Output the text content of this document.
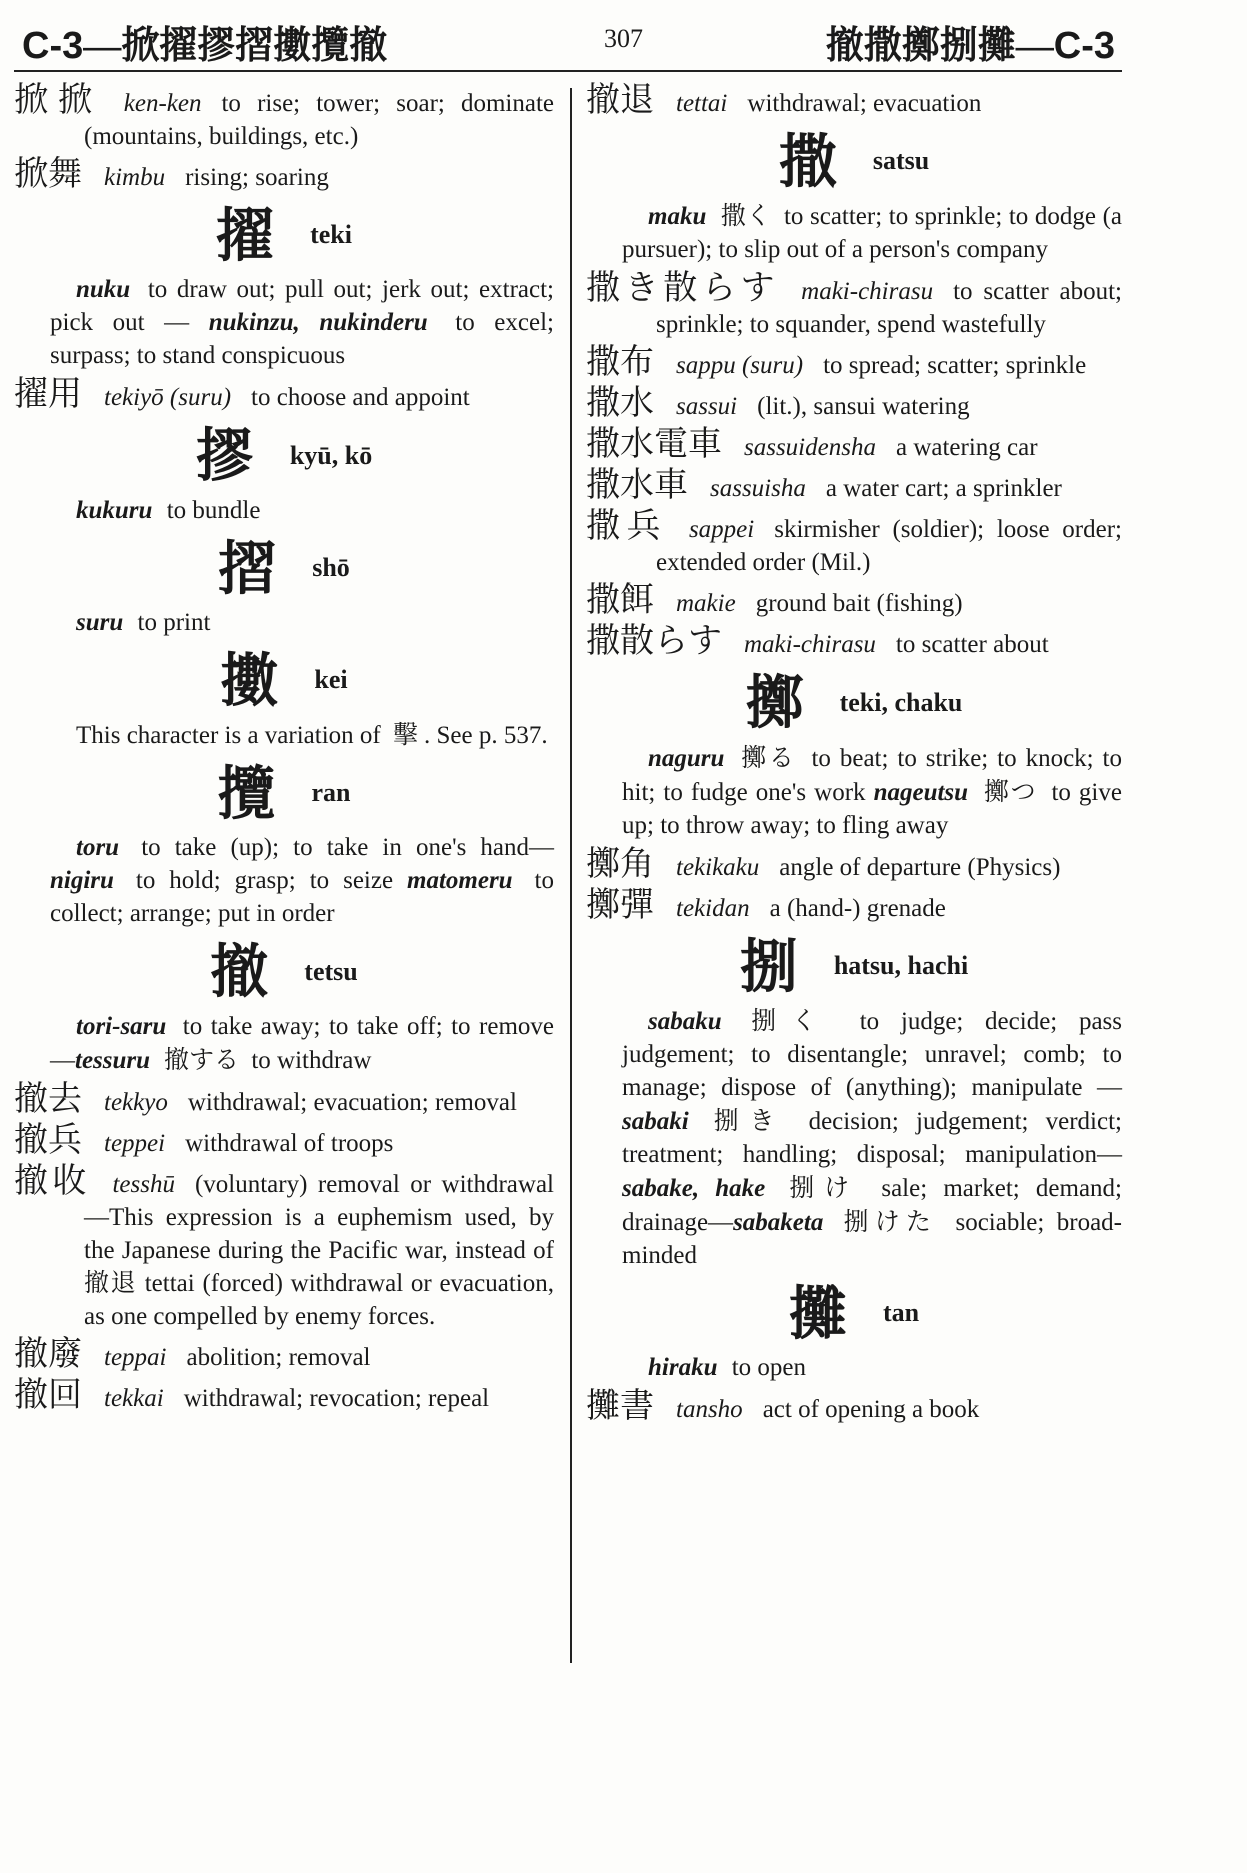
C-3—掀擢摎摺擻攬撤	307	撤撒擲捌攤—C-3
掀掀 ken-ken to rise; tower; soar; dominate (mountains, buildings, etc.)
掀舞 kimbu rising; soaring
擢 teki
nuku to draw out; pull out; jerk out; extract; pick out — nukinzu, nukinderu to excel; surpass; to stand conspicuous
擢用 tekiyō (suru) to choose and appoint
摎 kyū, kō
kukuru to bundle
摺 shō
suru to print
擻 kei
This character is a variation of 擊 . See p. 537.
攬 ran
toru to take (up); to take in one's hand—nigiru to hold; grasp; to seize matomeru to collect; arrange; put in order
撤 tetsu
tori-saru to take away; to take off; to remove—tessuru 撤する to withdraw
撤去 tekkyo withdrawal; evacuation; removal
撤兵 teppei withdrawal of troops
撤收 tesshū (voluntary) removal or withdrawal—This expression is a euphemism used, by the Japanese during the Pacific war, instead of 撤退 tettai (forced) withdrawal or evacuation, as one compelled by enemy forces.
撤廢 teppai abolition; removal
撤回 tekkai withdrawal; revocation; repeal
撤退 tettai withdrawal; evacuation
撒 satsu
maku 撒く to scatter; to sprinkle; to dodge (a pursuer); to slip out of a person's company
撒き散らす maki-chirasu to scatter about; sprinkle; to squander, spend wastefully
撒布 sappu (suru) to spread; scatter; sprinkle
撒水 sassui (lit.), sansui watering
撒水電車 sassuidensha a watering car
撒水車 sassuisha a water cart; a sprinkler
撒兵 sappei skirmisher (soldier); loose order; extended order (Mil.)
撒餌 makie ground bait (fishing)
撒散らす maki-chirasu to scatter about
擲 teki, chaku
naguru 擲る to beat; to strike; to knock; to hit; to fudge one's work nageutsu 擲つ to give up; to throw away; to fling away
擲角 tekikaku angle of departure (Physics)
擲彈 tekidan a (hand-) grenade
捌 hatsu, hachi
sabaku 捌く to judge; decide; pass judgement; to disentangle; unravel; comb; to manage; dispose of (anything); manipulate — sabaki 捌き decision; judgement; verdict; treatment; handling; disposal; manipulation—sabake, hake 捌け sale; market; demand; drainage—sabaketa 捌けた sociable; broad-minded
攤 tan
hiraku to open
攤書 tansho act of opening a book
